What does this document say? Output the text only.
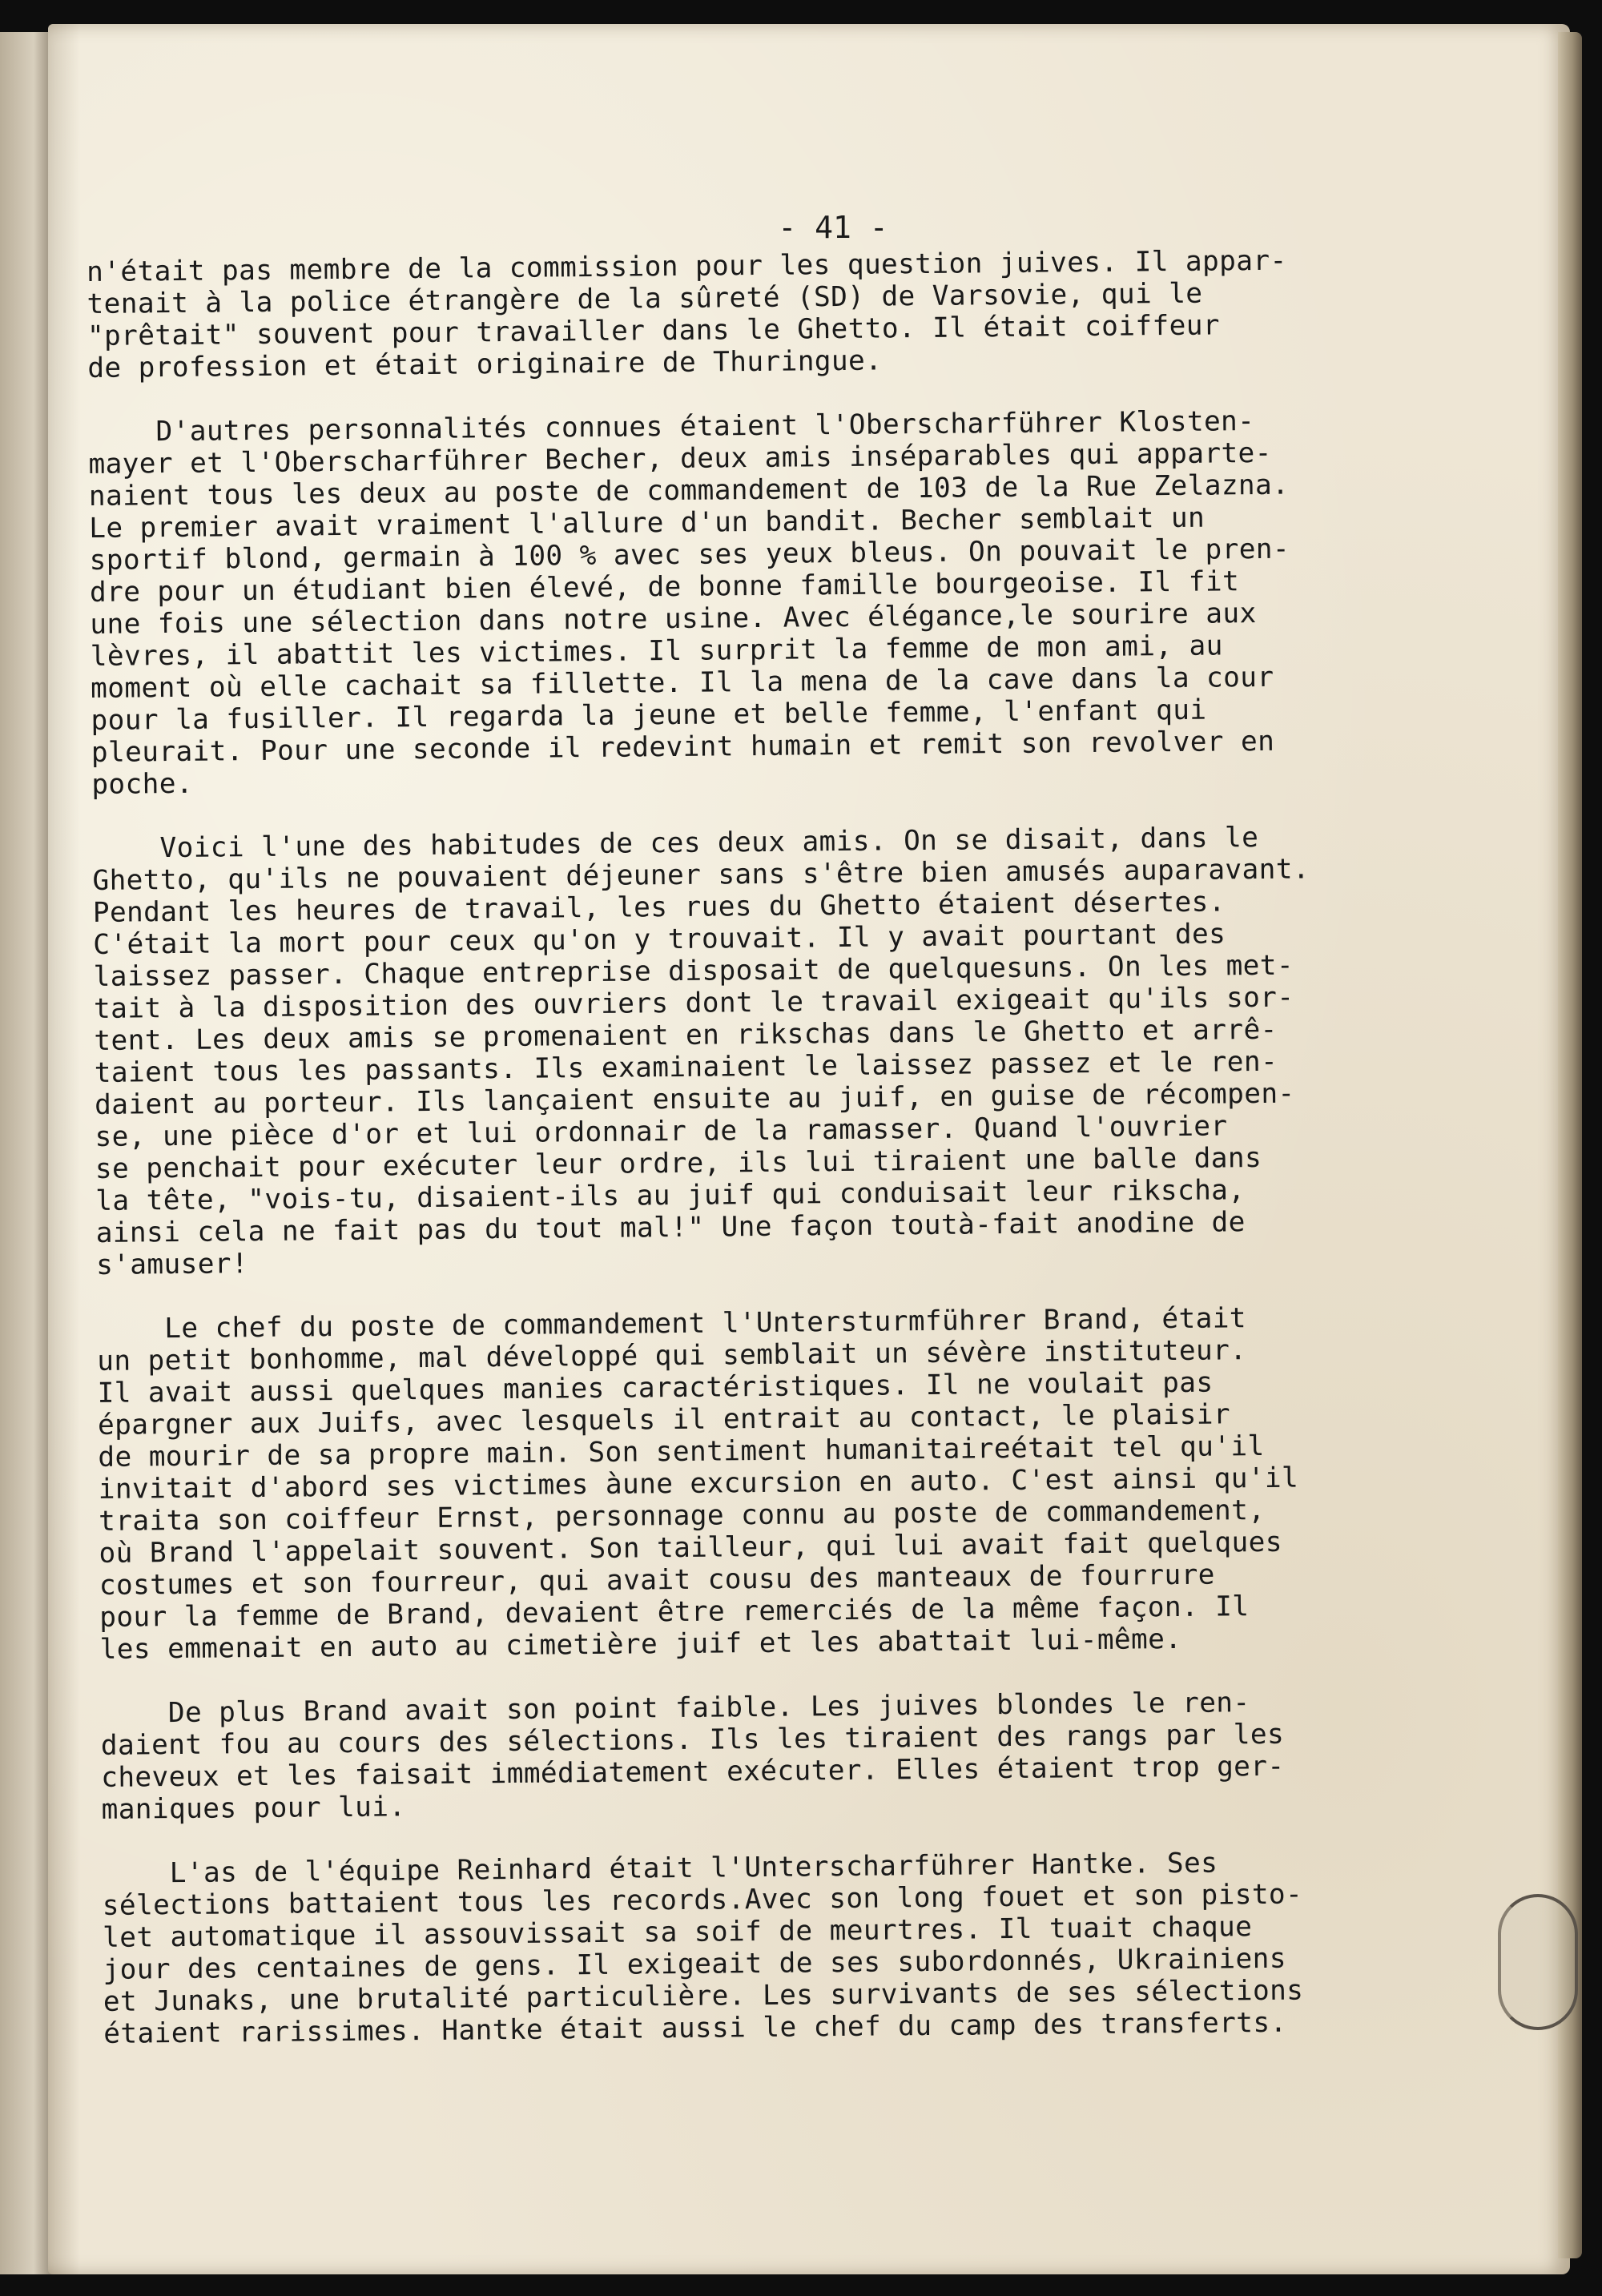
- 41 -
n'était pas membre de la commission pour les question juives. Il appar-
tenait à la police étrangère de la sûreté (SD) de Varsovie, qui le
"prêtait" souvent pour travailler dans le Ghetto. Il était coiffeur
de profession et était originaire de Thuringue.
D'autres personnalités connues étaient l'Oberscharführer Klosten-
mayer et l'Oberscharführer Becher, deux amis inséparables qui apparte-
naient tous les deux au poste de commandement de 103 de la Rue Zelazna.
Le premier avait vraiment l'allure d'un bandit. Becher semblait un
sportif blond, germain à 100 % avec ses yeux bleus. On pouvait le pren-
dre pour un étudiant bien élevé, de bonne famille bourgeoise. Il fit
une fois une sélection dans notre usine. Avec élégance,le sourire aux
lèvres, il abattit les victimes. Il surprit la femme de mon ami, au
moment où elle cachait sa fillette. Il la mena de la cave dans la cour
pour la fusiller. Il regarda la jeune et belle femme, l'enfant qui
pleurait. Pour une seconde il redevint humain et remit son revolver en
poche.
Voici l'une des habitudes de ces deux amis. On se disait, dans le
Ghetto, qu'ils ne pouvaient déjeuner sans s'être bien amusés auparavant.
Pendant les heures de travail, les rues du Ghetto étaient désertes.
C'était la mort pour ceux qu'on y trouvait. Il y avait pourtant des
laissez passer. Chaque entreprise disposait de quelquesuns. On les met-
tait à la disposition des ouvriers dont le travail exigeait qu'ils sor-
tent. Les deux amis se promenaient en rikschas dans le Ghetto et arrê-
taient tous les passants. Ils examinaient le laissez passez et le ren-
daient au porteur. Ils lançaient ensuite au juif, en guise de récompen-
se, une pièce d'or et lui ordonnair de la ramasser. Quand l'ouvrier
se penchait pour exécuter leur ordre, ils lui tiraient une balle dans
la tête, "vois-tu, disaient-ils au juif qui conduisait leur rikscha,
ainsi cela ne fait pas du tout mal!" Une façon toutà-fait anodine de
s'amuser!
Le chef du poste de commandement l'Untersturmführer Brand, était
un petit bonhomme, mal développé qui semblait un sévère instituteur.
Il avait aussi quelques manies caractéristiques. Il ne voulait pas
épargner aux Juifs, avec lesquels il entrait au contact, le plaisir
de mourir de sa propre main. Son sentiment humanitaireétait tel qu'il
invitait d'abord ses victimes àune excursion en auto. C'est ainsi qu'il
traita son coiffeur Ernst, personnage connu au poste de commandement,
où Brand l'appelait souvent. Son tailleur, qui lui avait fait quelques
costumes et son fourreur, qui avait cousu des manteaux de fourrure
pour la femme de Brand, devaient être remerciés de la même façon. Il
les emmenait en auto au cimetière juif et les abattait lui-même.
De plus Brand avait son point faible. Les juives blondes le ren-
daient fou au cours des sélections. Ils les tiraient des rangs par les
cheveux et les faisait immédiatement exécuter. Elles étaient trop ger-
maniques pour lui.
L'as de l'équipe Reinhard était l'Unterscharführer Hantke. Ses
sélections battaient tous les records.Avec son long fouet et son pisto-
let automatique il assouvissait sa soif de meurtres. Il tuait chaque
jour des centaines de gens. Il exigeait de ses subordonnés, Ukrainiens
et Junaks, une brutalité particulière. Les survivants de ses sélections
étaient rarissimes. Hantke était aussi le chef du camp des transferts.
